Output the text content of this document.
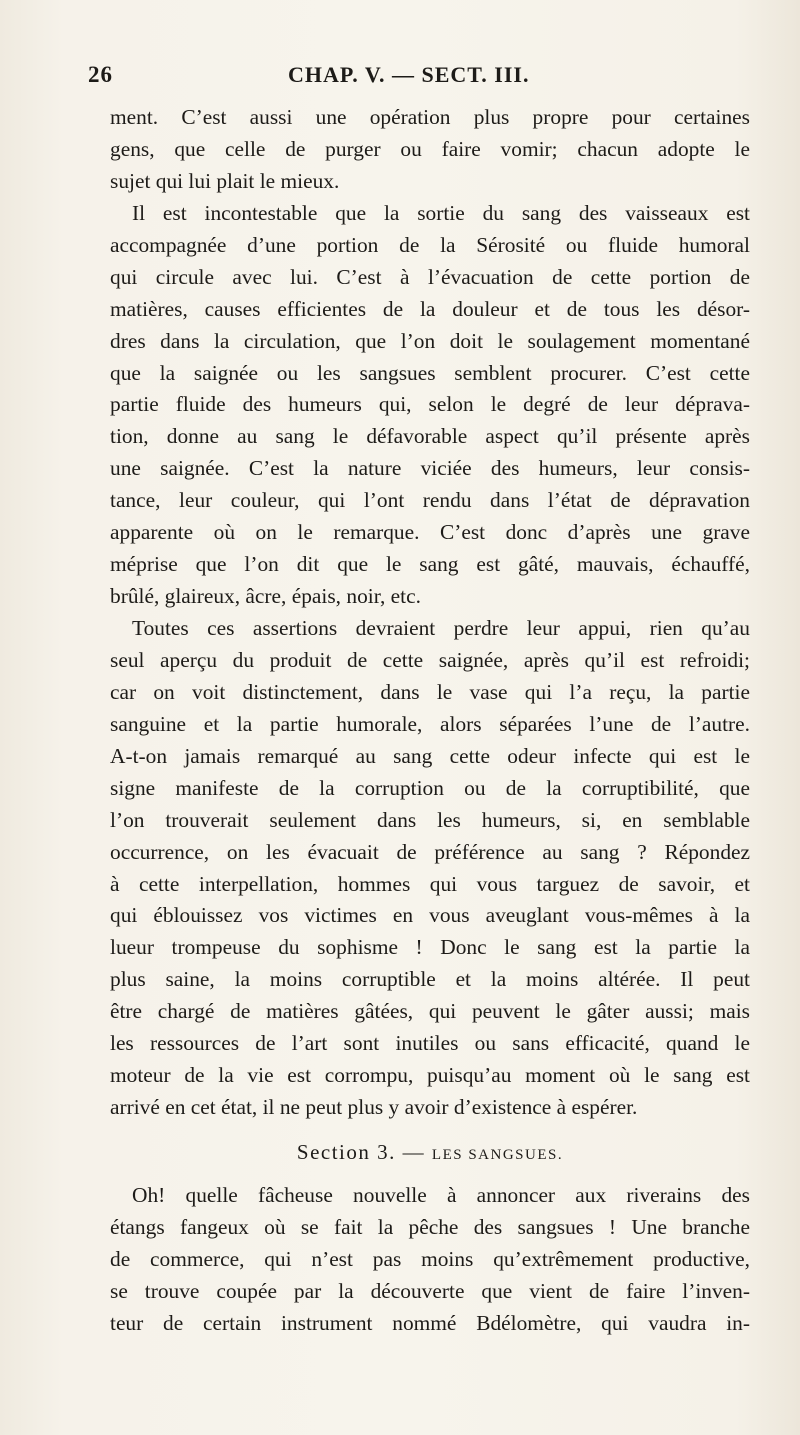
26	CHAP. V. — SECT. III.
ment. C’est aussi une opération plus propre pour certaines
gens, que celle de purger ou faire vomir; chacun adopte le
sujet qui lui plait le mieux.
Il est incontestable que la sortie du sang des vaisseaux est
accompagnée d’une portion de la Sérosité ou fluide humoral
qui circule avec lui. C’est à l’évacuation de cette portion de
matières, causes efficientes de la douleur et de tous les désor-
dres dans la circulation, que l’on doit le soulagement momentané
que la saignée ou les sangsues semblent procurer. C’est cette
partie fluide des humeurs qui, selon le degré de leur déprava-
tion, donne au sang le défavorable aspect qu’il présente après
une saignée. C’est la nature viciée des humeurs, leur consis-
tance, leur couleur, qui l’ont rendu dans l’état de dépravation
apparente où on le remarque. C’est donc d’après une grave
méprise que l’on dit que le sang est gâté, mauvais, échauffé,
brûlé, glaireux, âcre, épais, noir, etc.
Toutes ces assertions devraient perdre leur appui, rien qu’au
seul aperçu du produit de cette saignée, après qu’il est refroidi;
car on voit distinctement, dans le vase qui l’a reçu, la partie
sanguine et la partie humorale, alors séparées l’une de l’autre.
A-t-on jamais remarqué au sang cette odeur infecte qui est le
signe manifeste de la corruption ou de la corruptibilité, que
l’on trouverait seulement dans les humeurs, si, en semblable
occurrence, on les évacuait de préférence au sang ? Répondez
à cette interpellation, hommes qui vous targuez de savoir, et
qui éblouissez vos victimes en vous aveuglant vous-mêmes à la
lueur trompeuse du sophisme ! Donc le sang est la partie la
plus saine, la moins corruptible et la moins altérée. Il peut
être chargé de matières gâtées, qui peuvent le gâter aussi; mais
les ressources de l’art sont inutiles ou sans efficacité, quand le
moteur de la vie est corrompu, puisqu’au moment où le sang est
arrivé en cet état, il ne peut plus y avoir d’existence à espérer.
Section 3. — LES SANGSUES.
Oh! quelle fâcheuse nouvelle à annoncer aux riverains des
étangs fangeux où se fait la pêche des sangsues ! Une branche
de commerce, qui n’est pas moins qu’extrêmement productive,
se trouve coupée par la découverte que vient de faire l’inven-
teur de certain instrument nommé Bdélomètre, qui vaudra in-
